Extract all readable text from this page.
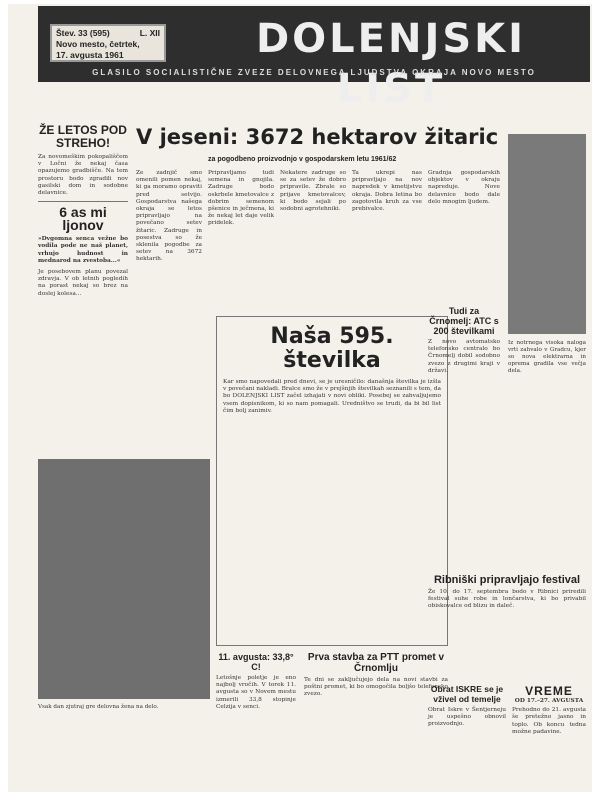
Štev. 33 (595)	L. XII
Novo mesto, četrtek,
17. avgusta 1961	DOLENJSKI LIST
GLASILO SOCIALISTIČNE ZVEZE DELOVNEGA LJUDSTVA OKRAJA NOVO MESTO
ŽE LETOS POD STREHO!
Za novomeškim pokopališčem v Ločni že nekaj časa opazujemo gradbišče. Na tem prostoru bodo zgradili nov gasilski dom in sodobne delavnice.
6 as mi ljonov
»Dvgomna senca vežne bo vodila pode ne naš planet, vrhujo hudnost in mednarod na zvestoba...«
Je posebovem planu povezal zdravja. V ob letnih pogledih na porast nekaj so brez na doslej kolesa...
V jeseni: 3672 hektarov žitaric
za pogodbeno proizvodnjo v gospodarskem letu 1961/62
Ze zadnjič smo omenili pomen nekaj, ki ga moramo opraviti pred setvijo. Gospodarstva našega okraja se letos pripravljajo na povečano setev žitaric. Zadruge in posestva so že sklenila pogodbe za setev na 3672 hektarih.
Pripravljamo tudi semena in gnojila. Zadruge bodo oskrbele kmetovalce z dobrim semenom pšenice in ječmena, ki že nekaj let daje velik pridelek.
Nekatere zadruge so se za setev že dobro pripravile. Zbrale so prijave kmetovalcev, ki bodo sejali po sodobni agrotehniki.
Ta ukrepi nas pripravljajo na nov napredek v kmetijstvu okraja. Dobra letina bo zagotovila kruh za vse prebivalce.
Naša 595. številka
Kar smo napovedali pred dnevi, se je uresničilo: današnja številka je izšla v povečani nakladi. Bralce smo že v prejšnjih številkah seznanili s tem, da bo DOLENJSKI LIST začel izhajati v novi obliki. Posebej se zahvaljujemo vsem dopisnikom, ki so nam pomagali. Uredništvo se trudi, da bi bil list čim bolj zanimiv.
Vsak dan zjutraj gre delovna žena na delo.
11. avgusta: 33,8° C!
Letošnje poletje je eno najbolj vročih. V torek 11. avgusta so v Novem mestu izmerili 33,8 stopinje Celzija v senci.
Prva stavba za PTT promet v Črnomlju
Te dni se zaključujejo dela na novi stavbi za poštni promet, ki bo omogočila boljšo telefonsko zvezo.
Gradnja gospodarskih objektov v okraju napreduje. Nove delavnice bodo dale delo mnogim ljudem.
Tudi za Črnomelj: ATC s 200 številkami
Z novo avtomatsko telefonsko centralo bo Črnomelj dobil sodobno zvezo z drugimi kraji v državi.
Iz notrnega visoka naloga vrti zahvalo v Gradcu, kjer so nova elektrarna in oprema gradila vse večja dela.
Ribniški pripravljajo festival
Že 10. do 17. septembra bodo v Ribnici priredili festival suhe robe in lončarstva, ki bo privabil obiskovalce od blizu in daleč.
Obrat ISKRE se je vživel od temelje
Obrat Iskre v Šentjerneju je uspešno obnovil proizvodnjo.
VREME
OD 17.–27. AVGUSTA
Prehodno do 21. avgusta še pretežno jasno in toplo. Ob koncu tedna možne padavine.
